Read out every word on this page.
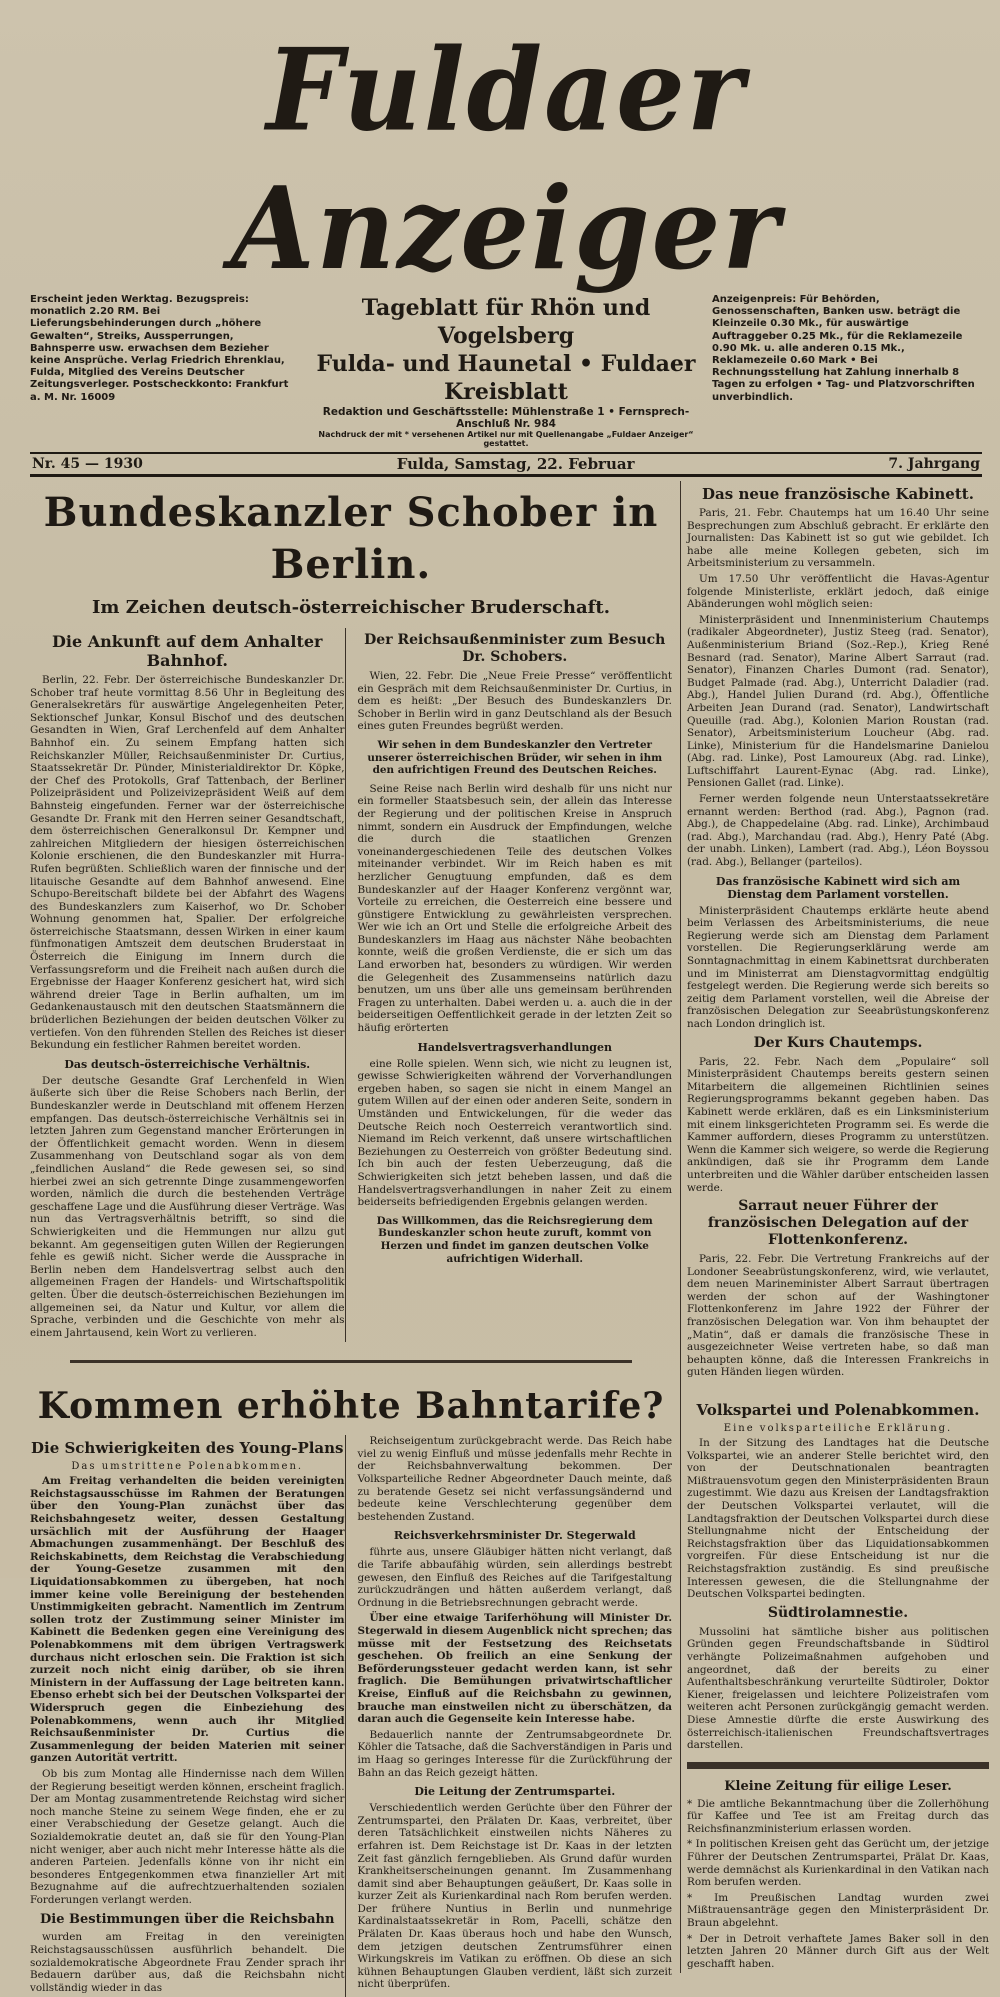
Fuldaer Anzeiger
Erscheint jeden Werktag. Bezugspreis: monatlich 2.20 RM. Bei Lieferungsbehinderungen durch „höhere Gewalten“, Streiks, Aussperrungen, Bahnsperre usw. erwachsen dem Bezieher keine Ansprüche. Verlag Friedrich Ehrenklau, Fulda, Mitglied des Vereins Deutscher Zeitungsverleger. Postscheckkonto: Frankfurt a. M. Nr. 16009
Tageblatt für Rhön und Vogelsberg
Fulda- und Haunetal • Fuldaer Kreisblatt
Redaktion und Geschäftsstelle: Mühlenstraße 1 • Fernsprech-Anschluß Nr. 984
Nachdruck der mit * versehenen Artikel nur mit Quellenangabe „Fuldaer Anzeiger“ gestattet.
Anzeigenpreis: Für Behörden, Genossenschaften, Banken usw. beträgt die Kleinzeile 0.30 Mk., für auswärtige Auftraggeber 0.25 Mk., für die Reklamezeile 0.90 Mk. u. alle anderen 0.15 Mk., Reklamezeile 0.60 Mark • Bei Rechnungsstellung hat Zahlung innerhalb 8 Tagen zu erfolgen • Tag- und Platzvorschriften unverbindlich.
Nr. 45 — 1930	Fulda, Samstag, 22. Februar	7. Jahrgang
Bundeskanzler Schober in Berlin.
Im Zeichen deutsch-österreichischer Bruderschaft.
Die Ankunft auf dem Anhalter Bahnhof.

Berlin, 22. Febr. Der österreichische Bundeskanzler Dr. Schober traf heute vormittag 8.56 Uhr in Begleitung des Generalsekretärs für auswärtige Angelegenheiten Peter, Sektionschef Junkar, Konsul Bischof und des deutschen Gesandten in Wien, Graf Lerchenfeld auf dem Anhalter Bahnhof ein. Zu seinem Empfang hatten sich Reichskanzler Müller, Reichsaußenminister Dr. Curtius, Staatssekretär Dr. Pünder, Ministerialdirektor Dr. Köpke, der Chef des Protokolls, Graf Tattenbach, der Berliner Polizeipräsident und Polizeivizepräsident Weiß auf dem Bahnsteig eingefunden. Ferner war der österreichische Gesandte Dr. Frank mit den Herren seiner Gesandtschaft, dem österreichischen Generalkonsul Dr. Kempner und zahlreichen Mitgliedern der hiesigen österreichischen Kolonie erschienen, die den Bundeskanzler mit Hurra-Rufen begrüßten. Schließlich waren der finnische und der litauische Gesandte auf dem Bahnhof anwesend. Eine Schupo-Bereitschaft bildete bei der Abfahrt des Wagens des Bundeskanzlers zum Kaiserhof, wo Dr. Schober Wohnung genommen hat, Spalier. Der erfolgreiche österreichische Staatsmann, dessen Wirken in einer kaum fünfmonatigen Amtszeit dem deutschen Bruderstaat in Österreich die Einigung im Innern durch die Verfassungsreform und die Freiheit nach außen durch die Ergebnisse der Haager Konferenz gesichert hat, wird sich während dreier Tage in Berlin aufhalten, um im Gedankenaustausch mit den deutschen Staatsmännern die brüderlichen Beziehungen der beiden deutschen Völker zu vertiefen. Von den führenden Stellen des Reiches ist dieser Bekundung ein festlicher Rahmen bereitet worden.

Das deutsch-österreichische Verhältnis.

Der deutsche Gesandte Graf Lerchenfeld in Wien äußerte sich über die Reise Schobers nach Berlin, der Bundeskanzler werde in Deutschland mit offenem Herzen empfangen. Das deutsch-österreichische Verhältnis sei in letzten Jahren zum Gegenstand mancher Erörterungen in der Öffentlichkeit gemacht worden. Wenn in diesem Zusammenhang von Deutschland sogar als von dem „feindlichen Ausland“ die Rede gewesen sei, so sind hierbei zwei an sich getrennte Dinge zusammengeworfen worden, nämlich die durch die bestehenden Verträge geschaffene Lage und die Ausführung dieser Verträge. Was nun das Vertragsverhältnis betrifft, so sind die Schwierigkeiten und die Hemmungen nur allzu gut bekannt. Am gegenseitigen guten Willen der Regierungen fehle es gewiß nicht. Sicher werde die Aussprache in Berlin neben dem Handelsvertrag selbst auch den allgemeinen Fragen der Handels- und Wirtschaftspolitik gelten. Über die deutsch-österreichischen Beziehungen im allgemeinen sei, da Natur und Kultur, vor allem die Sprache, verbinden und die Geschichte von mehr als einem Jahrtausend, kein Wort zu verlieren.

Der Reichsaußenminister zum Besuch Dr. Schobers.

Wien, 22. Febr. Die „Neue Freie Presse“ veröffentlicht ein Gespräch mit dem Reichsaußenminister Dr. Curtius, in dem es heißt: „Der Besuch des Bundeskanzlers Dr. Schober in Berlin wird in ganz Deutschland als der Besuch eines guten Freundes begrüßt werden.

Wir sehen in dem Bundeskanzler den Vertreter unserer österreichischen Brüder, wir sehen in ihm den aufrichtigen Freund des Deutschen Reiches.

Seine Reise nach Berlin wird deshalb für uns nicht nur ein formeller Staatsbesuch sein, der allein das Interesse der Regierung und der politischen Kreise in Anspruch nimmt, sondern ein Ausdruck der Empfindungen, welche die durch die staatlichen Grenzen voneinandergeschiedenen Teile des deutschen Volkes miteinander verbindet. Wir im Reich haben es mit herzlicher Genugtuung empfunden, daß es dem Bundeskanzler auf der Haager Konferenz vergönnt war, Vorteile zu erreichen, die Oesterreich eine bessere und günstigere Entwicklung zu gewährleisten versprechen. Wer wie ich an Ort und Stelle die erfolgreiche Arbeit des Bundeskanzlers im Haag aus nächster Nähe beobachten konnte, weiß die großen Verdienste, die er sich um das Land erworben hat, besonders zu würdigen. Wir werden die Gelegenheit des Zusammenseins natürlich dazu benutzen, um uns über alle uns gemeinsam berührenden Fragen zu unterhalten. Dabei werden u. a. auch die in der beiderseitigen Oeffentlichkeit gerade in der letzten Zeit so häufig erörterten

Handelsvertragsverhandlungen

eine Rolle spielen. Wenn sich, wie nicht zu leugnen ist, gewisse Schwierigkeiten während der Vorverhandlungen ergeben haben, so sagen sie nicht in einem Mangel an gutem Willen auf der einen oder anderen Seite, sondern in Umständen und Entwickelungen, für die weder das Deutsche Reich noch Oesterreich verantwortlich sind. Niemand im Reich verkennt, daß unsere wirtschaftlichen Beziehungen zu Oesterreich von größter Bedeutung sind. Ich bin auch der festen Ueberzeugung, daß die Schwierigkeiten sich jetzt beheben lassen, und daß die Handelsvertragsverhandlungen in naher Zeit zu einem beiderseits befriedigenden Ergebnis gelangen werden.

Das Willkommen, das die Reichsregierung dem Bundeskanzler schon heute zuruft, kommt von Herzen und findet im ganzen deutschen Volke aufrichtigen Widerhall.

Kommen erhöhte Bahntarife?
Die Schwierigkeiten des Young-Plans
Das umstrittene Polenabkommen.

Am Freitag verhandelten die beiden vereinigten Reichstagsausschüsse im Rahmen der Beratungen über den Young-Plan zunächst über das Reichsbahngesetz weiter, dessen Gestaltung ursächlich mit der Ausführung der Haager Abmachungen zusammenhängt. Der Beschluß des Reichskabinetts, dem Reichstag die Verabschiedung der Young-Gesetze zusammen mit den Liquidationsabkommen zu übergeben, hat noch immer keine volle Bereinigung der bestehenden Unstimmigkeiten gebracht. Namentlich im Zentrum sollen trotz der Zustimmung seiner Minister im Kabinett die Bedenken gegen eine Vereinigung des Polenabkommens mit dem übrigen Vertragswerk durchaus nicht erloschen sein. Die Fraktion ist sich zurzeit noch nicht einig darüber, ob sie ihren Ministern in der Auffassung der Lage beitreten kann. Ebenso erhebt sich bei der Deutschen Volkspartei der Widerspruch gegen die Einbeziehung des Polenabkommens, wenn auch ihr Mitglied Reichsaußenminister Dr. Curtius die Zusammenlegung der beiden Materien mit seiner ganzen Autorität vertritt.

Ob bis zum Montag alle Hindernisse nach dem Willen der Regierung beseitigt werden können, erscheint fraglich. Der am Montag zusammentretende Reichstag wird sicher noch manche Steine zu seinem Wege finden, ehe er zu einer Verabschiedung der Gesetze gelangt. Auch die Sozialdemokratie deutet an, daß sie für den Young-Plan nicht weniger, aber auch nicht mehr Interesse hätte als die anderen Parteien. Jedenfalls könne von ihr nicht ein besonderes Entgegenkommen etwa finanzieller Art mit Bezugnahme auf die aufrechtzuerhaltenden sozialen Forderungen verlangt werden.

Die Bestimmungen über die Reichsbahn

wurden am Freitag in den vereinigten Reichstagsausschüssen ausführlich behandelt. Die sozialdemokratische Abgeordnete Frau Zender sprach ihr Bedauern darüber aus, daß die Reichsbahn nicht vollständig wieder in das

Reichseigentum zurückgebracht werde. Das Reich habe viel zu wenig Einfluß und müsse jedenfalls mehr Rechte in der Reichsbahnverwaltung bekommen. Der Volksparteiliche Redner Abgeordneter Dauch meinte, daß zu beratende Gesetz sei nicht verfassungsändernd und bedeute keine Verschlechterung gegenüber dem bestehenden Zustand.

Reichsverkehrsminister Dr. Stegerwald

führte aus, unsere Gläubiger hätten nicht verlangt, daß die Tarife abbaufähig würden, sein allerdings bestrebt gewesen, den Einfluß des Reiches auf die Tarifgestaltung zurückzudrängen und hätten außerdem verlangt, daß Ordnung in die Betriebsrechnungen gebracht werde.

Über eine etwaige Tariferhöhung will Minister Dr. Stegerwald in diesem Augenblick nicht sprechen; das müsse mit der Festsetzung des Reichsetats geschehen. Ob freilich an eine Senkung der Beförderungssteuer gedacht werden kann, ist sehr fraglich. Die Bemühungen privatwirtschaftlicher Kreise, Einfluß auf die Reichsbahn zu gewinnen, brauche man einstweilen nicht zu überschätzen, da daran auch die Gegenseite kein Interesse habe.

Bedauerlich nannte der Zentrumsabgeordnete Dr. Köhler die Tatsache, daß die Sachverständigen in Paris und im Haag so geringes Interesse für die Zurückführung der Bahn an das Reich gezeigt hätten.

Die Leitung der Zentrumspartei.

Verschiedentlich werden Gerüchte über den Führer der Zentrumspartei, den Prälaten Dr. Kaas, verbreitet, über deren Tatsächlichkeit einstweilen nichts Näheres zu erfahren ist. Dem Reichstage ist Dr. Kaas in der letzten Zeit fast gänzlich ferngeblieben. Als Grund dafür wurden Krankheitserscheinungen genannt. Im Zusammenhang damit sind aber Behauptungen geäußert, Dr. Kaas solle in kurzer Zeit als Kurienkardinal nach Rom berufen werden. Der frühere Nuntius in Berlin und nunmehrige Kardinalstaatssekretär in Rom, Pacelli, schätze den Prälaten Dr. Kaas überaus hoch und habe den Wunsch, dem jetzigen deutschen Zentrumsführer einen Wirkungskreis im Vatikan zu eröffnen. Ob diese an sich kühnen Behauptungen Glauben verdient, läßt sich zurzeit nicht überprüfen.

Das neue französische Kabinett.

Paris, 21. Febr. Chautemps hat um 16.40 Uhr seine Besprechungen zum Abschluß gebracht. Er erklärte den Journalisten: Das Kabinett ist so gut wie gebildet. Ich habe alle meine Kollegen gebeten, sich im Arbeitsministerium zu versammeln.

Um 17.50 Uhr veröffentlicht die Havas-Agentur folgende Ministerliste, erklärt jedoch, daß einige Abänderungen wohl möglich seien:

Ministerpräsident und Innenministerium Chautemps (radikaler Abgeordneter), Justiz Steeg (rad. Senator), Außenministerium Briand (Soz.-Rep.), Krieg René Besnard (rad. Senator), Marine Albert Sarraut (rad. Senator), Finanzen Charles Dumont (rad. Senator), Budget Palmade (rad. Abg.), Unterricht Daladier (rad. Abg.), Handel Julien Durand (rd. Abg.), Öffentliche Arbeiten Jean Durand (rad. Senator), Landwirtschaft Queuille (rad. Abg.), Kolonien Marion Roustan (rad. Senator), Arbeitsministerium Loucheur (Abg. rad. Linke), Ministerium für die Handelsmarine Danielou (Abg. rad. Linke), Post Lamoureux (Abg. rad. Linke), Luftschiffahrt Laurent-Eynac (Abg. rad. Linke), Pensionen Gallet (rad. Linke).

Ferner werden folgende neun Unterstaatssekretäre ernannt werden: Berthod (rad. Abg.), Pagnon (rad. Abg.), de Chappedelaine (Abg. rad. Linke), Archimbaud (rad. Abg.), Marchandau (rad. Abg.), Henry Paté (Abg. der unabh. Linken), Lambert (rad. Abg.), Léon Boyssou (rad. Abg.), Bellanger (parteilos).

Das französische Kabinett wird sich am Dienstag dem Parlament vorstellen.

Ministerpräsident Chautemps erklärte heute abend beim Verlassen des Arbeitsministeriums, die neue Regierung werde sich am Dienstag dem Parlament vorstellen. Die Regierungserklärung werde am Sonntagnachmittag in einem Kabinettsrat durchberaten und im Ministerrat am Dienstagvormittag endgültig festgelegt werden. Die Regierung werde sich bereits so zeitig dem Parlament vorstellen, weil die Abreise der französischen Delegation zur Seeabrüstungskonferenz nach London dringlich ist.

Der Kurs Chautemps.

Paris, 22. Febr. Nach dem „Populaire“ soll Ministerpräsident Chautemps bereits gestern seinen Mitarbeitern die allgemeinen Richtlinien seines Regierungsprogramms bekannt gegeben haben. Das Kabinett werde erklären, daß es ein Linksministerium mit einem linksgerichteten Programm sei. Es werde die Kammer auffordern, dieses Programm zu unterstützen. Wenn die Kammer sich weigere, so werde die Regierung ankündigen, daß sie ihr Programm dem Lande unterbreiten und die Wähler darüber entscheiden lassen werde.

Sarraut neuer Führer der französischen Delegation auf der Flottenkonferenz.

Paris, 22. Febr. Die Vertretung Frankreichs auf der Londoner Seeabrüstungskonferenz, wird, wie verlautet, dem neuen Marineminister Albert Sarraut übertragen werden der schon auf der Washingtoner Flottenkonferenz im Jahre 1922 der Führer der französischen Delegation war. Von ihm behauptet der „Matin“, daß er damals die französische These in ausgezeichneter Weise vertreten habe, so daß man behaupten könne, daß die Interessen Frankreichs in guten Händen liegen würden.

Volkspartei und Polenabkommen.
Eine volksparteiliche Erklärung.

In der Sitzung des Landtages hat die Deutsche Volkspartei, wie an anderer Stelle berichtet wird, den von der Deutschnationalen beantragten Mißtrauensvotum gegen den Ministerpräsidenten Braun zugestimmt. Wie dazu aus Kreisen der Landtagsfraktion der Deutschen Volkspartei verlautet, will die Landtagsfraktion der Deutschen Volkspartei durch diese Stellungnahme nicht der Entscheidung der Reichstagsfraktion über das Liquidationsabkommen vorgreifen. Für diese Entscheidung ist nur die Reichstagsfraktion zuständig. Es sind preußische Interessen gewesen, die die Stellungnahme der Deutschen Volkspartei bedingten.

Südtirolamnestie.

Mussolini hat sämtliche bisher aus politischen Gründen gegen Freundschaftsbande in Südtirol verhängte Polizeimaßnahmen aufgehoben und angeordnet, daß der bereits zu einer Aufenthaltsbeschränkung verurteilte Südtiroler, Doktor Kiener, freigelassen und leichtere Polizeistrafen vom weiteren acht Personen zurückgängig gemacht werden. Diese Amnestie dürfte die erste Auswirkung des österreichisch-italienischen Freundschaftsvertrages darstellen.

Kleine Zeitung für eilige Leser.

* Die amtliche Bekanntmachung über die Zollerhöhung für Kaffee und Tee ist am Freitag durch das Reichsfinanzministerium erlassen worden.

* In politischen Kreisen geht das Gerücht um, der jetzige Führer der Deutschen Zentrumspartei, Prälat Dr. Kaas, werde demnächst als Kurienkardinal in den Vatikan nach Rom berufen werden.

* Im Preußischen Landtag wurden zwei Mißtrauensanträge gegen den Ministerpräsident Dr. Braun abgelehnt.

* Der in Detroit verhaftete James Baker soll in den letzten Jahren 20 Männer durch Gift aus der Welt geschafft haben.
